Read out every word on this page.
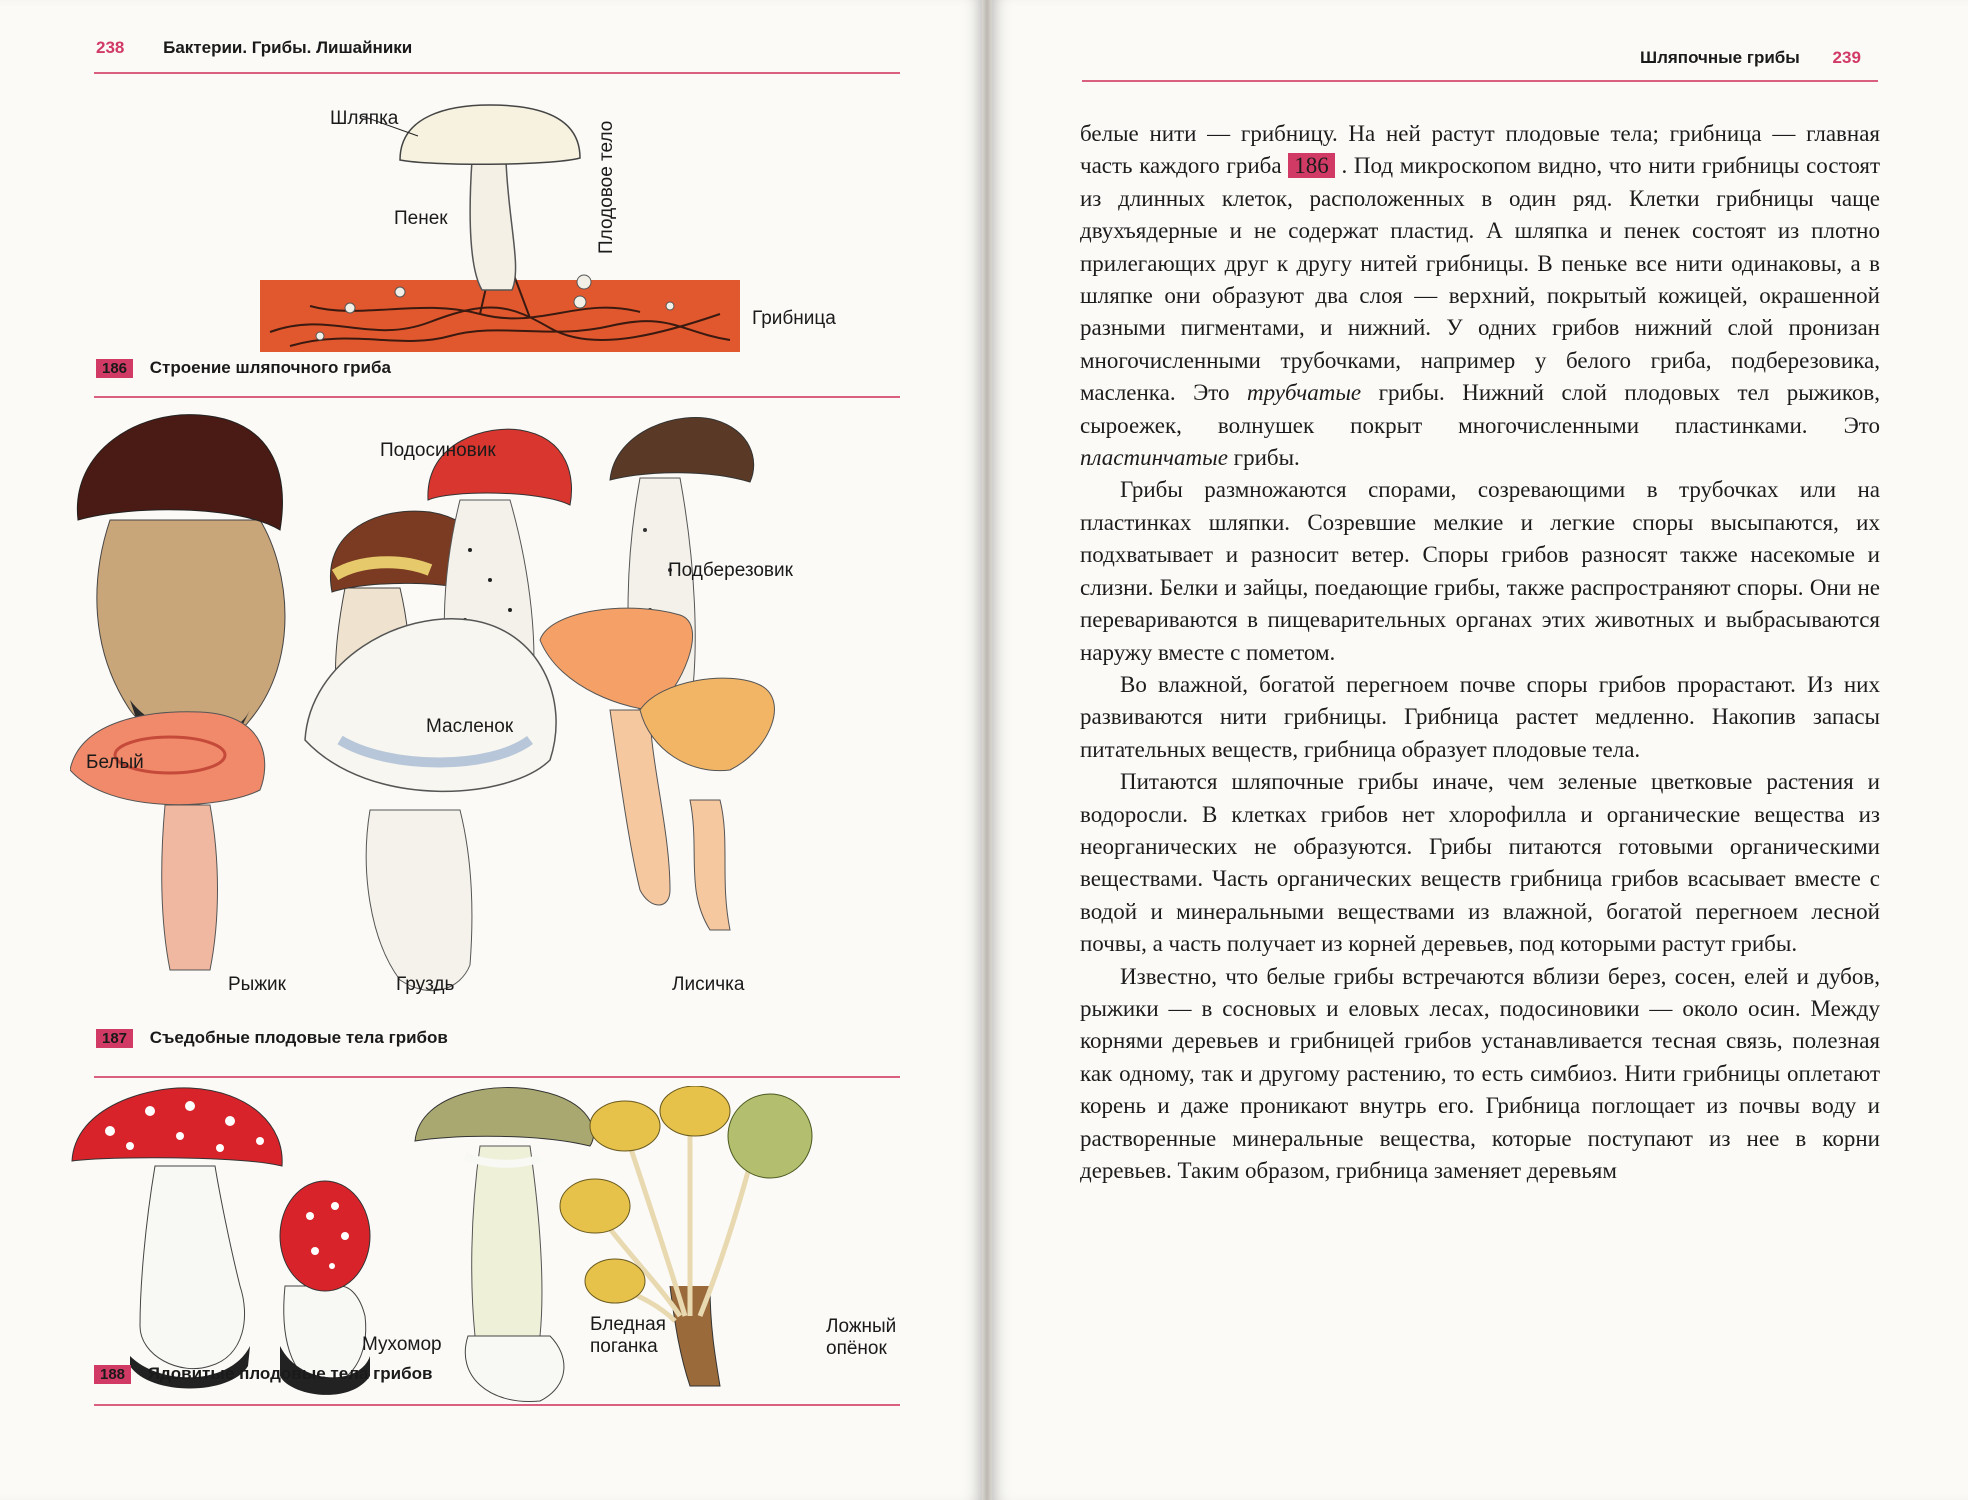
238 Бактерии. Грибы. Лишайники
Шляпка
Пенек	Плодовое тело
Грибница
186 Строение шляпочного гриба
Подосиновик
Подберезовик
Масленок
Белый
Рыжик	Груздь	Лисичка
187 Съедобные плодовые тела грибов
Мухомор
Бледная
поганка
Ложный
опёнок
188 Ядовитые плодовые тела грибов
Шляпочные грибы 239

белые нити — грибницу. На ней растут плодовые тела; грибница — главная часть каждого гриба 186 . Под микроскопом видно, что нити грибницы состоят из длинных клеток, расположенных в один ряд. Клетки грибницы чаще двухъядерные и не содержат пластид. А шляпка и пенек состоят из плотно прилегающих друг к другу нитей грибницы. В пеньке все нити одинаковы, а в шляпке они образуют два слоя — верхний, покрытый кожицей, окрашенной разными пигментами, и нижний. У одних грибов нижний слой пронизан многочисленными трубочками, например у белого гриба, подберезовика, масленка. Это трубчатые грибы. Нижний слой плодовых тел рыжиков, сыроежек, волнушек покрыт многочисленными пластинками. Это пластинчатые грибы.

Грибы размножаются спорами, созревающими в трубочках или на пластинках шляпки. Созревшие мелкие и легкие споры высыпаются, их подхватывает и разносит ветер. Споры грибов разносят также насекомые и слизни. Белки и зайцы, поедающие грибы, также распространяют споры. Они не перевариваются в пищеварительных органах этих животных и выбрасываются наружу вместе с пометом.

Во влажной, богатой перегноем почве споры грибов прорастают. Из них развиваются нити грибницы. Грибница растет медленно. Накопив запасы питательных веществ, грибница образует плодовые тела.

Питаются шляпочные грибы иначе, чем зеленые цветковые растения и водоросли. В клетках грибов нет хлорофилла и органические вещества из неорганических не образуются. Грибы питаются готовыми органическими веществами. Часть органических веществ грибница грибов всасывает вместе с водой и минеральными веществами из влажной, богатой перегноем лесной почвы, а часть получает из корней деревьев, под которыми растут грибы.

Известно, что белые грибы встречаются вблизи берез, сосен, елей и дубов, рыжики — в сосновых и еловых лесах, подосиновики — около осин. Между корнями деревьев и грибницей грибов устанавливается тесная связь, полезная как одному, так и другому растению, то есть симбиоз. Нити грибницы оплетают корень и даже проникают внутрь его. Грибница поглощает из почвы воду и растворенные минеральные вещества, которые поступают из нее в корни деревьев. Таким образом, грибница заменяет деревьям
